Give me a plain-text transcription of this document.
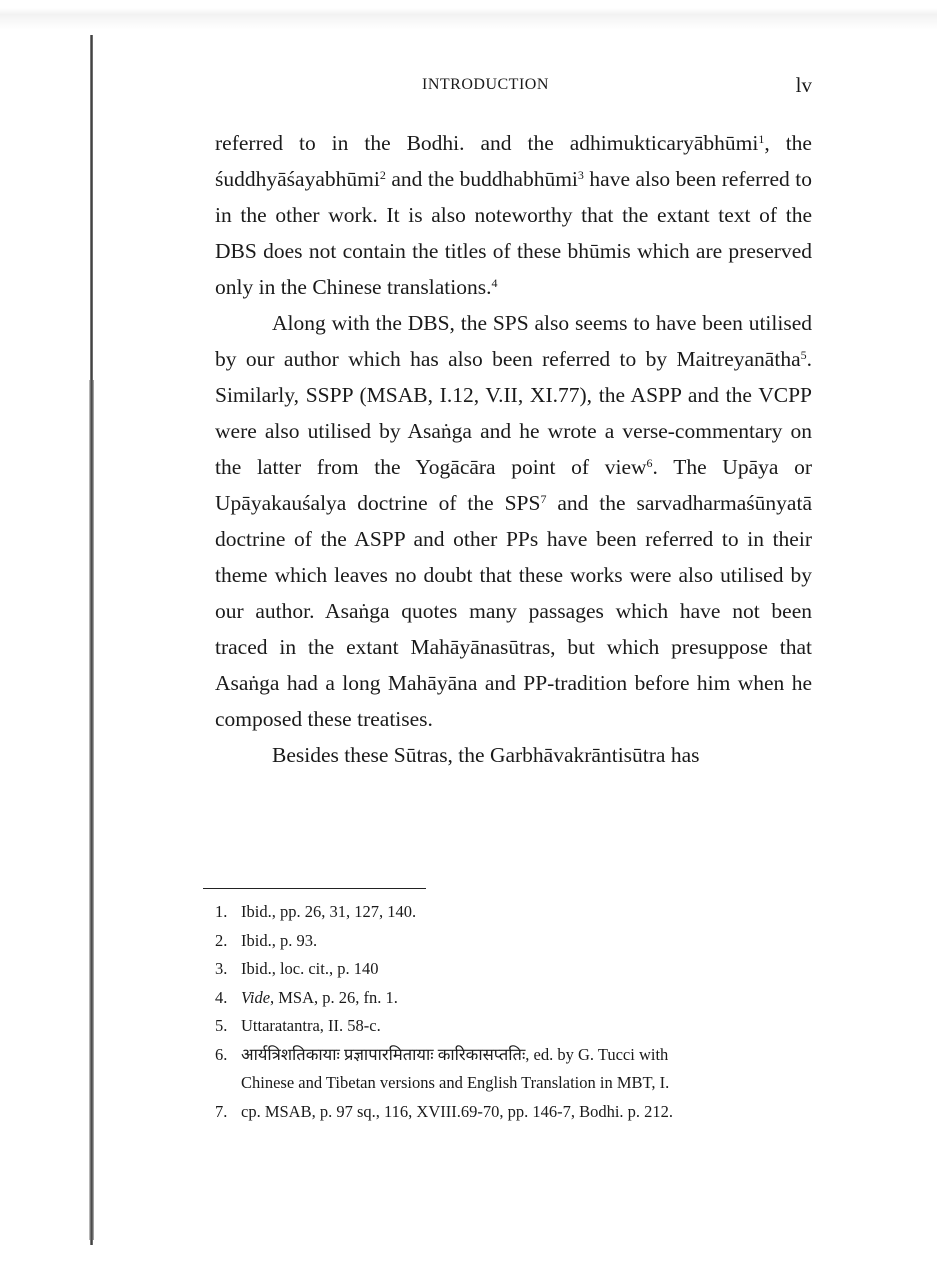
INTRODUCTION	lv

referred to in the Bodhi. and the adhimukticaryābhūmi$^1$, the śuddhyāśayabhūmi$^2$ and the buddhabhūmi$^3$ have also been referred to in the other work. It is also noteworthy that the extant text of the DBS does not contain the titles of these bhūmis which are preserved only in the Chinese translations.$^4$

Along with the DBS, the SPS also seems to have been utilised by our author which has also been referred to by Maitreyanātha$^5$. Similarly, SSPP (MSAB, I.12, V.II, XI.77), the ASPP and the VCPP were also utilised by Asaṅga and he wrote a verse-commentary on the latter from the Yogācāra point of view$^6$. The Upāya or Upāyakauśalya doctrine of the SPS$^7$ and the sarvadharmaśūnyatā doctrine of the ASPP and other PPs have been referred to in their theme which leaves no doubt that these works were also utilised by our author. Asaṅga quotes many passages which have not been traced in the extant Mahāyānasūtras, but which presuppose that Asaṅga had a long Mahāyāna and PP-tradition before him when he composed these treatises.

Besides these Sūtras, the Garbhāvakrāntisūtra has

1. Ibid., pp. 26, 31, 127, 140.
2. Ibid., p. 93.
3. Ibid., loc. cit., p. 140
4. Vide, MSA, p. 26, fn. 1.
5. Uttaratantra, II. 58-c.
6. आर्यत्रिशतिकायाः प्रज्ञापारमितायाः कारिकासप्ततिः, ed. by G. Tucci with
Chinese and Tibetan versions and English Translation in MBT, I.
7. cp. MSAB, p. 97 sq., 116, XVIII.69-70, pp. 146-7, Bodhi. p. 212.
